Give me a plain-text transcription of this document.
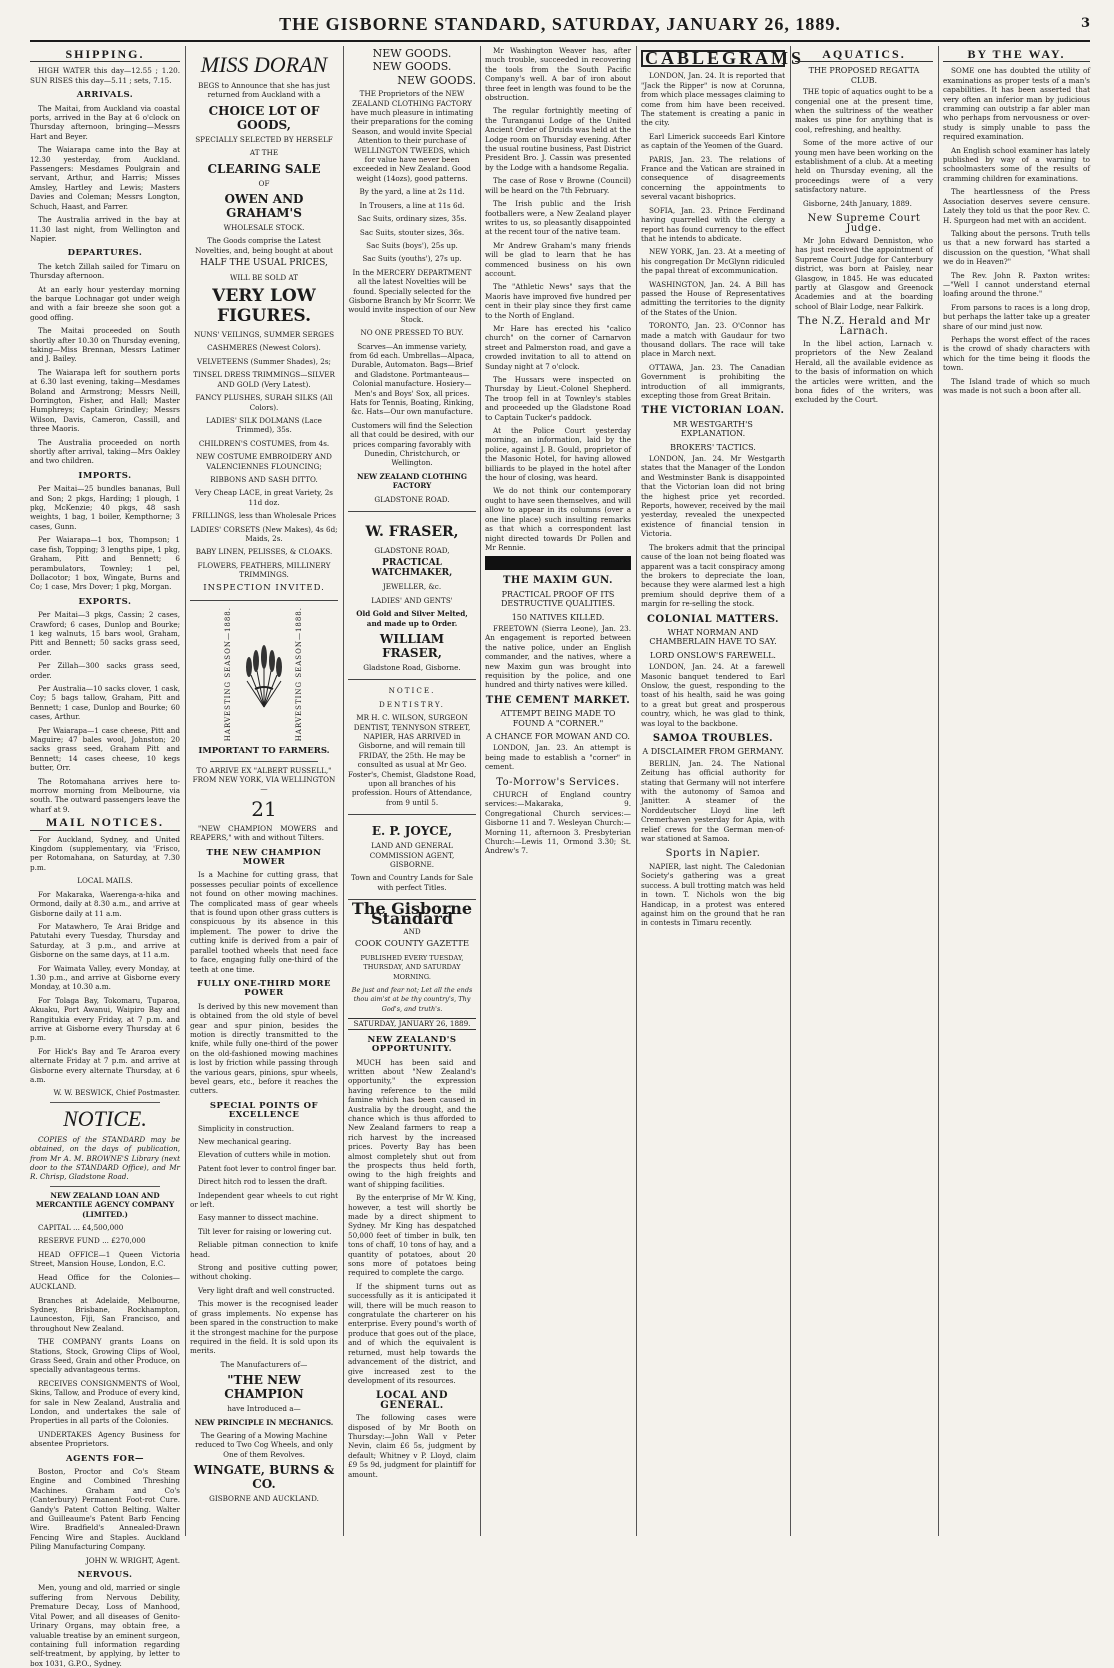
THE GISBORNE STANDARD, SATURDAY, JANUARY 26, 1889.	3
SHIPPING.

HIGH WATER this day—12.55 ; 1.20. SUN RISES this day—5.11 ; sets, 7.15.

ARRIVALS.

The Maitai, from Auckland via coastal ports, arrived in the Bay at 6 o'clock on Thursday afternoon, bringing—Messrs Hart and Beyer.

The Waiarapa came into the Bay at 12.30 yesterday, from Auckland. Passengers: Mesdames Poulgrain and servant, Arthur, and Harris; Misses Amsley, Hartley and Lewis; Masters Davies and Coleman; Messrs Longton, Schuch, Haast, and Farrer.

The Australia arrived in the bay at 11.30 last night, from Wellington and Napier.

DEPARTURES.

The ketch Zillah sailed for Timaru on Thursday afternoon.

At an early hour yesterday morning the barque Lochnagar got under weigh and with a fair breeze she soon got a good offing.

The Maitai proceeded on South shortly after 10.30 on Thursday evening, taking—Miss Brennan, Messrs Latimer and J. Bailey.

The Waiarapa left for southern ports at 6.30 last evening, taking—Mesdames Boland and Armstrong; Messrs Neill, Dorrington, Fisher, and Hall; Master Humphreys; Captain Grindley; Messrs Wilson, Davis, Cameron, Cassill, and three Maoris.

The Australia proceeded on north shortly after arrival, taking—Mrs Oakley and two children.

IMPORTS.

Per Maitai—25 bundles bananas, Bull and Son; 2 pkgs, Harding; 1 plough, 1 pkg, McKenzie; 40 pkgs, 48 sash weights, 1 bag, 1 boiler, Kempthorne; 3 cases, Gunn.

Per Waiarapa—1 box, Thompson; 1 case fish, Topping; 3 lengths pipe, 1 pkg, Graham, Pitt and Bennett; 6 perambulators, Townley; 1 pel, Dollacotor; 1 box, Wingate, Burns and Co; 1 case, Mrs Dover; 1 pkg, Morgan.

EXPORTS.

Per Maitai—3 pkgs, Cassin; 2 cases, Crawford; 6 cases, Dunlop and Bourke; 1 keg walnuts, 15 bars wool, Graham, Pitt and Bennett; 50 sacks grass seed, order.

Per Zillah—300 sacks grass seed, order.

Per Australia—10 sacks clover, 1 cask, Coy; 5 bags tallow, Graham, Pitt and Bennett; 1 case, Dunlop and Bourke; 60 cases, Arthur.

Per Waiarapa—1 case cheese, Pitt and Maguire; 47 bales wool, Johnston; 20 sacks grass seed, Graham Pitt and Bennett; 14 cases cheese, 10 kegs butter, Orr.

The Rotomahana arrives here to-morrow morning from Melbourne, via south. The outward passengers leave the wharf at 9.

MAIL NOTICES.

For Auckland, Sydney, and United Kingdom (supplementary, via 'Frisco, per Rotomahana, on Saturday, at 7.30 p.m.

LOCAL MAILS.

For Makaraka, Waerenga-a-hika and Ormond, daily at 8.30 a.m., and arrive at Gisborne daily at 11 a.m.

For Matawhero, Te Arai Bridge and Patutahi every Tuesday, Thursday and Saturday, at 3 p.m., and arrive at Gisborne on the same days, at 11 a.m.

For Waimata Valley, every Monday, at 1.30 p.m., and arrive at Gisborne every Monday, at 10.30 a.m.

For Tolaga Bay, Tokomaru, Tuparoa, Akuaku, Port Awanui, Waipiro Bay and Rangitukia every Friday, at 7 p.m. and arrive at Gisborne every Thursday at 6 p.m.

For Hick's Bay and Te Araroa every alternate Friday at 7 p.m. and arrive at Gisborne every alternate Thursday, at 6 a.m.

W. W. BESWICK, Chief Postmaster.

NOTICE.

COPIES of the STANDARD may be obtained, on the days of publication, from Mr A. M. BROWNE'S Library (next door to the STANDARD Office), and Mr R. Chrisp, Gladstone Road.

NEW ZEALAND LOAN AND MERCANTILE AGENCY COMPANY (LIMITED.)

CAPITAL ... £4,500,000

RESERVE FUND ... £270,000

HEAD OFFICE—1 Queen Victoria Street, Mansion House, London, E.C.

Head Office for the Colonies—AUCKLAND.

Branches at Adelaide, Melbourne, Sydney, Brisbane, Rockhampton, Launceston, Fiji, San Francisco, and throughout New Zealand.

THE COMPANY grants Loans on Stations, Stock, Growing Clips of Wool, Grass Seed, Grain and other Produce, on specially advantageous terms.

RECEIVES CONSIGNMENTS of Wool, Skins, Tallow, and Produce of every kind, for sale in New Zealand, Australia and London, and undertakes the sale of Properties in all parts of the Colonies.

UNDERTAKES Agency Business for absentee Proprietors.

AGENTS FOR—

Boston, Proctor and Co's Steam Engine and Combined Threshing Machines. Graham and Co's (Canterbury) Permanent Foot-rot Cure. Gandy's Patent Cotton Belting. Walter and Guilleaume's Patent Barb Fencing Wire. Bradfield's Annealed-Drawn Fencing Wire and Staples. Auckland Piling Manufacturing Company.

JOHN W. WRIGHT, Agent.

NERVOUS.

Men, young and old, married or single suffering from Nervous Debility, Premature Decay, Loss of Manhood, Vital Power, and all diseases of Genito-Urinary Organs, may obtain free, a valuable treatise by an eminent surgeon, containing full information regarding self-treatment, by applying, by letter to box 1031, G.P.O., Sydney.

MISS DORAN

BEGS to Announce that she has just returned from Auckland with a

CHOICE LOT OF GOODS,

SPECIALLY SELECTED BY HERSELF

AT THE

CLEARING SALE

OF

OWEN AND GRAHAM'S

WHOLESALE STOCK.

The Goods comprise the Latest Novelties, and, being bought at about

HALF THE USUAL PRICES,

WILL BE SOLD AT

VERY LOW FIGURES.

NUNS' VEILINGS, SUMMER SERGES

CASHMERES (Newest Colors).

VELVETEENS (Summer Shades), 2s;

TINSEL DRESS TRIMMINGS—SILVER AND GOLD (Very Latest).

FANCY PLUSHES, SURAH SILKS (All Colors).

LADIES' SILK DOLMANS (Lace Trimmed), 35s.

CHILDREN'S COSTUMES, from 4s.

NEW COSTUME EMBROIDERY AND VALENCIENNES FLOUNCING;

RIBBONS AND SASH DITTO.

Very Cheap LACE, in great Variety, 2s 11d doz.

FRILLINGS, less than Wholesale Prices

LADIES' CORSETS (New Makes), 4s 6d; Maids, 2s.

BABY LINEN, PELISSES, & CLOAKS.

FLOWERS, FEATHERS, MILLINERY TRIMMINGS.

INSPECTION INVITED.

HARVESTING SEASON—1888.	HARVESTING SEASON—1888.

IMPORTANT TO FARMERS.

TO ARRIVE EX "ALBERT RUSSELL," FROM NEW YORK, VIA WELLINGTON—

21

"NEW CHAMPION MOWERS and REAPERS," with and without Tilters.

THE NEW CHAMPION MOWER

Is a Machine for cutting grass, that possesses peculiar points of excellence not found on other mowing machines. The complicated mass of gear wheels that is found upon other grass cutters is conspicuous by its absence in this implement. The power to drive the cutting knife is derived from a pair of parallel toothed wheels that need face to face, engaging fully one-third of the teeth at one time.

FULLY ONE-THIRD MORE POWER

Is derived by this new movement than is obtained from the old style of bevel gear and spur pinion, besides the motion is directly transmitted to the knife, while fully one-third of the power on the old-fashioned mowing machines is lost by friction while passing through the various gears, pinions, spur wheels, bevel gears, etc., before it reaches the cutters.

SPECIAL POINTS OF EXCELLENCE

Simplicity in construction.

New mechanical gearing.

Elevation of cutters while in motion.

Patent foot lever to control finger bar.

Direct hitch rod to lessen the draft.

Independent gear wheels to cut right or left.

Easy manner to dissect machine.

Tilt lever for raising or lowering cut.

Reliable pitman connection to knife head.

Strong and positive cutting power, without choking.

Very light draft and well constructed.

This mower is the recognised leader of grass implements. No expense has been spared in the construction to make it the strongest machine for the purpose required in the field. It is sold upon its merits.

The Manufacturers of—

"THE NEW CHAMPION

have Introduced a—

NEW PRINCIPLE IN MECHANICS.

The Gearing of a Mowing Machine reduced to Two Cog Wheels, and only One of them Revolves.

WINGATE, BURNS & CO.

GISBORNE AND AUCKLAND.

NEW GOODS.

NEW GOODS.

NEW GOODS.

THE Proprietors of the NEW ZEALAND CLOTHING FACTORY have much pleasure in intimating their preparations for the coming Season, and would invite Special Attention to their purchase of WELLINGTON TWEEDS, which for value have never been exceeded in New Zealand. Good weight (14ozs), good patterns.

By the yard, a line at 2s 11d.

In Trousers, a line at 11s 6d.

Sac Suits, ordinary sizes, 35s.

Sac Suits, stouter sizes, 36s.

Sac Suits (boys'), 25s up.

Sac Suits (youths'), 27s up.

In the MERCERY DEPARTMENT all the latest Novelties will be found. Specially selected for the Gisborne Branch by Mr Scorrr. We would invite inspection of our New Stock.

NO ONE PRESSED TO BUY.

Scarves—An immense variety, from 6d each. Umbrellas—Alpaca, Durable, Automaton. Bags—Brief and Gladstone. Portmanteaus—Colonial manufacture. Hosiery—Men's and Boys' Sox, all prices. Hats for Tennis, Boating, Rinking, &c. Hats—Our own manufacture.

Customers will find the Selection all that could be desired, with our prices comparing favorably with Dunedin, Christchurch, or Wellington.

NEW ZEALAND CLOTHING FACTORY

GLADSTONE ROAD.

W. FRASER,

GLADSTONE ROAD,

PRACTICAL WATCHMAKER,

JEWELLER, &c.

LADIES' AND GENTS'

Old Gold and Silver Melted, and made up to Order.

WILLIAM FRASER,

Gladstone Road, Gisborne.

NOTICE.

DENTISTRY.

MR H. C. WILSON, SURGEON DENTIST, TENNYSON STREET, NAPIER, HAS ARRIVED in Gisborne, and will remain till FRIDAY, the 25th. He may be consulted as usual at Mr Geo. Foster's, Chemist, Gladstone Road, upon all branches of his profession. Hours of Attendance, from 9 until 5.

E. P. JOYCE,

LAND AND GENERAL COMMISSION AGENT, GISBORNE.

Town and Country Lands for Sale with perfect Titles.

The Gisborne Standard

AND

COOK COUNTY GAZETTE

PUBLISHED EVERY TUESDAY, THURSDAY, AND SATURDAY MORNING.

Be just and fear not; Let all the ends thou aim'st at be thy country's, Thy God's, and truth's.

SATURDAY, JANUARY 26, 1889.

NEW ZEALAND'S OPPORTUNITY.

MUCH has been said and written about "New Zealand's opportunity," the expression having reference to the mild famine which has been caused in Australia by the drought, and the chance which is thus afforded to New Zealand farmers to reap a rich harvest by the increased prices. Poverty Bay has been almost completely shut out from the prospects thus held forth, owing to the high freights and want of shipping facilities.

By the enterprise of Mr W. King, however, a test will shortly be made by a direct shipment to Sydney. Mr King has despatched 50,000 feet of timber in bulk, ten tons of chaff, 10 tons of hay, and a quantity of potatoes, about 20 sons more of potatoes being required to complete the cargo.

If the shipment turns out as successfully as it is anticipated it will, there will be much reason to congratulate the charterer on his enterprise. Every pound's worth of produce that goes out of the place, and of which the equivalent is returned, must help towards the advancement of the district, and give increased zest to the development of its resources.

LOCAL AND GENERAL.

The following cases were disposed of by Mr Booth on Thursday:—John Wall v Peter Nevin, claim £6 5s, judgment by default; Whitney v P. Lloyd, claim £9 5s 9d, judgment for plaintiff for amount.

Mr Washington Weaver has, after much trouble, succeeded in recovering the tools from the South Pacific Company's well. A bar of iron about three feet in length was found to be the obstruction.

The regular fortnightly meeting of the Turanganui Lodge of the United Ancient Order of Druids was held at the Lodge room on Thursday evening. After the usual routine business, Past District President Bro. J. Cassin was presented by the Lodge with a handsome Regalia.

The case of Rose v Browne (Council) will be heard on the 7th February.

The Irish public and the Irish footballers were, a New Zealand player writes to us, so pleasantly disappointed at the recent tour of the native team.

Mr Andrew Graham's many friends will be glad to learn that he has commenced business on his own account.

The "Athletic News" says that the Maoris have improved five hundred per cent in their play since they first came to the North of England.

Mr Hare has erected his "calico church" on the corner of Carnarvon street and Palmerston road, and gave a crowded invitation to all to attend on Sunday night at 7 o'clock.

The Hussars were inspected on Thursday by Lieut.-Colonel Shepherd. The troop fell in at Townley's stables and proceeded up the Gladstone Road to Captain Tucker's paddock.

At the Police Court yesterday morning, an information, laid by the police, against J. B. Gould, proprietor of the Masonic Hotel, for having allowed billiards to be played in the hotel after the hour of closing, was heard.

We do not think our contemporary ought to have seen themselves, and will allow to appear in its columns (over a one line place) such insulting remarks as that which a correspondent last night directed towards Dr Pollen and Mr Rennie.

THE MAXIM GUN.
PRACTICAL PROOF OF ITS DESTRUCTIVE QUALITIES.
150 NATIVES KILLED.

FREETOWN (Sierra Leone), Jan. 23. An engagement is reported between the native police, under an English commander, and the natives, where a new Maxim gun was brought into requisition by the police, and one hundred and thirty natives were killed.

THE CEMENT MARKET.
ATTEMPT BEING MADE TO FOUND A "CORNER."
A CHANCE FOR MOWAN AND CO.

LONDON, Jan. 23. An attempt is being made to establish a "corner" in cement.

To-Morrow's Services.

CHURCH of England country services:—Makaraka, 9. Congregational Church services:—Gisborne 11 and 7. Wesleyan Church:—Morning 11, afternoon 3. Presbyterian Church:—Lewis 11, Ormond 3.30; St. Andrew's 7.

CABLEGRAMS

LONDON, Jan. 24. It is reported that "Jack the Ripper" is now at Corunna, from which place messages claiming to come from him have been received. The statement is creating a panic in the city.

Earl Limerick succeeds Earl Kintore as captain of the Yeomen of the Guard.

PARIS, Jan. 23. The relations of France and the Vatican are strained in consequence of disagreements concerning the appointments to several vacant bishoprics.

SOFIA, Jan. 23. Prince Ferdinand having quarrelled with the clergy a report has found currency to the effect that he intends to abdicate.

NEW YORK, Jan. 23. At a meeting of his congregation Dr McGlynn ridiculed the papal threat of excommunication.

WASHINGTON, Jan. 24. A Bill has passed the House of Representatives admitting the territories to the dignity of the States of the Union.

TORONTO, Jan. 23. O'Connor has made a match with Gaudaur for two thousand dollars. The race will take place in March next.

OTTAWA, Jan. 23. The Canadian Government is prohibiting the introduction of all immigrants, excepting those from Great Britain.

THE VICTORIAN LOAN.
MR WESTGARTH'S EXPLANATION.
BROKERS' TACTICS.

LONDON, Jan. 24. Mr Westgarth states that the Manager of the London and Westminster Bank is disappointed that the Victorian loan did not bring the highest price yet recorded. Reports, however, received by the mail yesterday, revealed the unexpected existence of financial tension in Victoria.

The brokers admit that the principal cause of the loan not being floated was apparent was a tacit conspiracy among the brokers to depreciate the loan, because they were alarmed lest a high premium should deprive them of a margin for re-selling the stock.

COLONIAL MATTERS.
WHAT NORMAN AND CHAMBERLAIN HAVE TO SAY.
LORD ONSLOW'S FAREWELL.

LONDON, Jan. 24. At a farewell Masonic banquet tendered to Earl Onslow, the guest, responding to the toast of his health, said he was going to a great but great and prosperous country, which, he was glad to think, was loyal to the backbone.

SAMOA TROUBLES.
A DISCLAIMER FROM GERMANY.

BERLIN, Jan. 24. The National Zeitung has official authority for stating that Germany will not interfere with the autonomy of Samoa and Janitter. A steamer of the Norddeutscher Lloyd line left Cremerhaven yesterday for Apia, with relief crews for the German men-of-war stationed at Samoa.

Sports in Napier.

NAPIER, last night. The Caledonian Society's gathering was a great success. A bull trotting match was held in town. T. Nichols won the big Handicap, in a protest was entered against him on the ground that he ran in contests in Timaru recently.

AQUATICS.
THE PROPOSED REGATTA CLUB.

THE topic of aquatics ought to be a congenial one at the present time, when the sultriness of the weather makes us pine for anything that is cool, refreshing, and healthy.

Some of the more active of our young men have been working on the establishment of a club. At a meeting held on Thursday evening, all the proceedings were of a very satisfactory nature.

Gisborne, 24th January, 1889.

New Supreme Court Judge.

Mr John Edward Denniston, who has just received the appointment of Supreme Court Judge for Canterbury district, was born at Paisley, near Glasgow, in 1845. He was educated partly at Glasgow and Greenock Academies and at the boarding school of Blair Lodge, near Falkirk.

The N.Z. Herald and Mr Larnach.

In the libel action, Larnach v. proprietors of the New Zealand Herald, all the available evidence as to the basis of information on which the articles were written, and the bona fides of the writers, was excluded by the Court.

BY THE WAY.

SOME one has doubted the utility of examinations as proper tests of a man's capabilities. It has been asserted that very often an inferior man by judicious cramming can outstrip a far abler man who perhaps from nervousness or over-study is simply unable to pass the required examination.

An English school examiner has lately published by way of a warning to schoolmasters some of the results of cramming children for examinations.

The heartlessness of the Press Association deserves severe censure. Lately they told us that the poor Rev. C. H. Spurgeon had met with an accident.

Talking about the persons. Truth tells us that a new forward has started a discussion on the question, "What shall we do in Heaven?"

The Rev. John R. Paxton writes:—"Well I cannot understand eternal loafing around the throne."

From parsons to races is a long drop, but perhaps the latter take up a greater share of our mind just now.

Perhaps the worst effect of the races is the crowd of shady characters with which for the time being it floods the town.

The Island trade of which so much was made is not such a boon after all.
